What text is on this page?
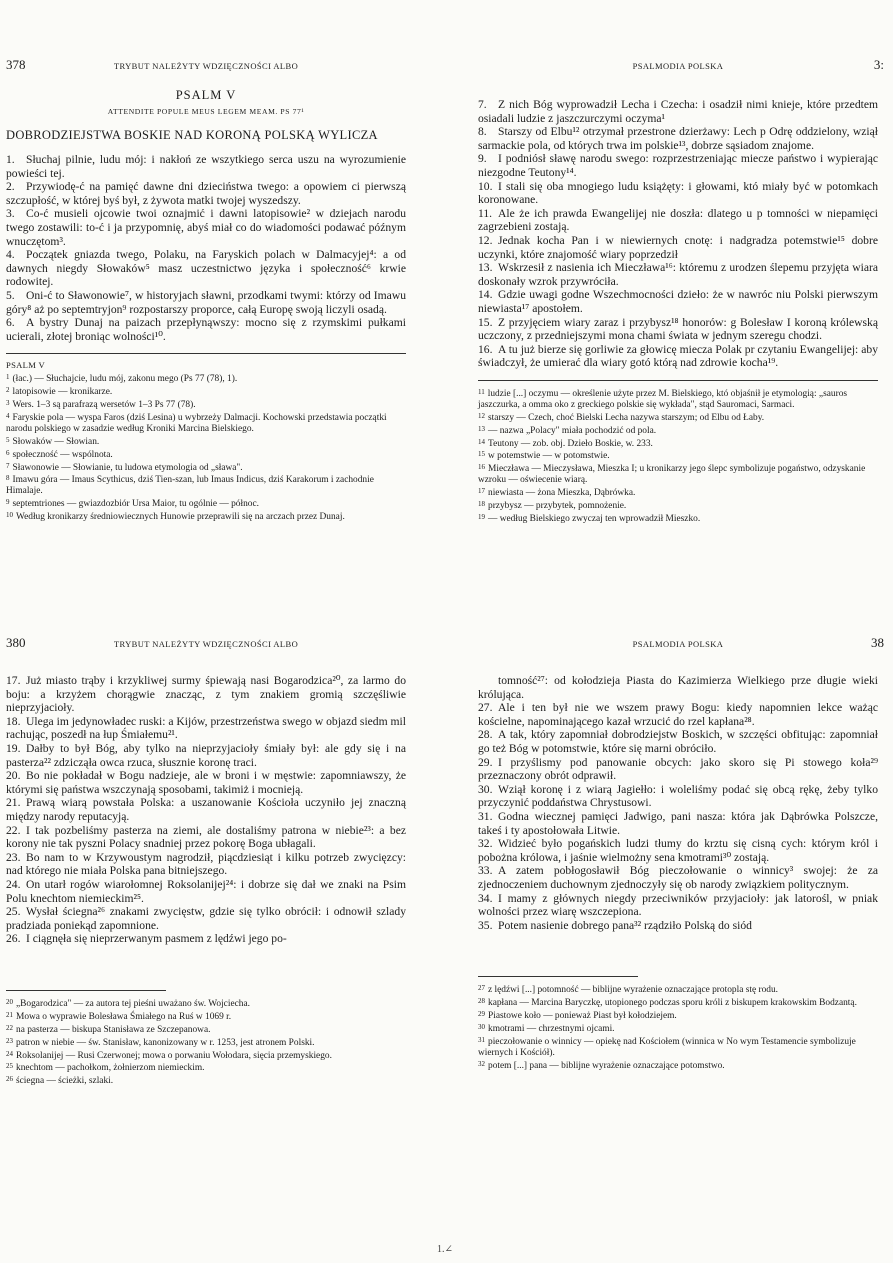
378	TRYBUT NALEŻYTY WDZIĘCZNOŚCI ALBO
PSALM V
ATTENDITE POPULE MEUS LEGEM MEAM. PS 77¹
DOBRODZIEJSTWA BOSKIE NAD KORONĄ POLSKĄ WYLICZA

1. Słuchaj pilnie, ludu mój: i nakłoń ze wszytkiego serca uszu na wyrozumienie powieści tej.

2. Przywiodę-ć na pamięć dawne dni dzieciństwa twego: a opowiem ci pierwszą szczupłość, w której byś był, z żywota matki twojej wyszedszy.

3. Co-ć musieli ojcowie twoi oznajmić i dawni latopisowie² w dziejach narodu twego zostawili: to-ć i ja przypomnię, abyś miał co do wiadomości podawać późnym wnuczętom³.

4. Początek gniazda twego, Polaku, na Faryskich polach w Dalmacyjej⁴: a od dawnych niegdy Słowaków⁵ masz uczestnictwo języka i społeczność⁶ krwie rodowitej.

5. Oni-ć to Sławonowie⁷, w historyjach sławni, przodkami twymi: którzy od Imawu góry⁸ aż po septemtryjon⁹ rozpostarszy proporce, całą Europę swoją liczyli osadą.

6. A bystry Dunaj na paizach przepłynąwszy: mocno się z rzymskimi pułkami ucierali, złotej broniąc wolności¹⁰.

PSALM V

$^1$ (łac.) — Słuchajcie, ludu mój, zakonu mego (Ps 77 (78), 1).

$^2$ latopisowie — kronikarze.

$^3$ Wers. 1–3 są parafrazą wersetów 1–3 Ps 77 (78).

$^4$ Faryskie pola — wyspa Faros (dziś Lesina) u wybrzeży Dalmacji. Kochowski przedstawia początki narodu polskiego w zasadzie według Kroniki Marcina Bielskiego.

$^5$ Słowaków — Słowian.

$^6$ społeczność — wspólnota.

$^7$ Sławonowie — Słowianie, tu ludowa etymologia od „sława".

$^8$ Imawu góra — Imaus Scythicus, dziś Tien-szan, lub Imaus Indicus, dziś Karakorum i zachodnie Himalaje.

$^9$ septemtriones — gwiazdozbiór Ursa Maior, tu ogólnie — północ.

$^{10}$ Według kronikarzy średniowiecznych Hunowie przeprawili się na arczach przez Dunaj.

PSALMODIA POLSKA	3:

7. Z nich Bóg wyprowadził Lecha i Czecha: i osadził nimi knieje, które przedtem osiadali ludzie z jaszczurczymi oczyma¹

8. Starszy od Elbu¹² otrzymał przestrone dzierżawy: Lech p Odrę oddzielony, wziął sarmackie pola, od których trwa im polskie¹³, dobrze sąsiadom znajome.

9. I podniósł sławę narodu swego: rozprzestrzeniając miecze państwo i wypierając niezgodne Teutony¹⁴.

10. I stali się oba mnogiego ludu książęty: i głowami, któ miały być w potomkach koronowane.

11. Ale że ich prawda Ewangelijej nie doszła: dlatego u p tomności w niepamięci zagrzebieni zostają.

12. Jednak kocha Pan i w niewiernych cnotę: i nadgradza potemstwie¹⁵ dobre uczynki, które znajomość wiary poprzedził

13. Wskrzesił z nasienia ich Mieczława¹⁶: któremu z urodzen ślepemu przyjęta wiara doskonały wzrok przywróciła.

14. Gdzie uwagi godne Wszechmocności dzieło: że w nawróc niu Polski pierwszym niewiasta¹⁷ apostołem.

15. Z przyjęciem wiary zaraz i przybysz¹⁸ honorów: g Bolesław I koroną królewską uczczony, z przedniejszymi mona chami świata w jednym szeregu chodzi.

16. A tu już bierze się gorliwie za głowicę miecza Polak pr czytaniu Ewangelijej: aby świadczył, że umierać dla wiary gotó którą nad zdrowie kocha¹⁹.

$^{11}$ ludzie [...] oczymu — określenie użyte przez M. Bielskiego, któ objaśnił je etymologią: „sauros jaszczurka, a omma oko z greckiego polskie się wykłada", stąd Sauromaci, Sarmaci.

$^{12}$ starszy — Czech, choć Bielski Lecha nazywa starszym; od Elbu od Łaby.

$^{13}$ — nazwa „Polacy" miała pochodzić od pola.

$^{14}$ Teutony — zob. obj. Dzieło Boskie, w. 233.

$^{15}$ w potemstwie — w potomstwie.

$^{16}$ Mieczława — Mieczysława, Mieszka I; u kronikarzy jego ślepc symbolizuje pogaństwo, odzyskanie wzroku — oświecenie wiarą.

$^{17}$ niewiasta — żona Mieszka, Dąbrówka.

$^{18}$ przybysz — przybytek, pomnożenie.

$^{19}$ — według Bielskiego zwyczaj ten wprowadził Mieszko.

380	TRYBUT NALEŻYTY WDZIĘCZNOŚCI ALBO

17. Już miasto trąby i krzykliwej surmy śpiewają nasi Bogarodzica²⁰, za larmo do boju: a krzyżem chorągwie znacząc, z tym znakiem gromią szczęśliwie nieprzyjacioły.

18. Ulega im jedynowładec ruski: a Kijów, przestrzeństwa swego w objazd siedm mil rachując, poszedł na łup Śmiałemu²¹.

19. Dałby to był Bóg, aby tylko na nieprzyjacioły śmiały był: ale gdy się i na pasterza²² zdzicząła owca rzuca, słusznie koronę traci.

20. Bo nie pokładał w Bogu nadzieje, ale w broni i w męstwie: zapomniawszy, że którymi się państwa wszczynają sposobami, takimiż i mocnieją.

21. Prawą wiarą powstała Polska: a uszanowanie Kościoła uczyniło jej znaczną między narody reputacyją.

22. I tak pozbeliśmy pasterza na ziemi, ale dostaliśmy patrona w niebie²³: a bez korony nie tak pyszni Polacy snadniej przez pokorę Boga ubłagali.

23. Bo nam to w Krzywoustym nagrodził, piącdziesiąt i kilku potrzeb zwycięzcy: nad którego nie miała Polska pana bitniejszego.

24. On utarł rogów wiarołomnej Roksolanijej²⁴: i dobrze się dał we znaki na Psim Polu knechtom niemieckim²⁵.

25. Wysłał ściegna²⁶ znakami zwycięstw, gdzie się tylko obrócił: i odnowił szlady pradziada poniekąd zapomnione.

26. I ciągnęła się nieprzerwanym pasmem z lędźwi jego po-

$^{20}$ „Bogarodzica" — za autora tej pieśni uważano św. Wojciecha.

$^{21}$ Mowa o wyprawie Bolesława Śmiałego na Ruś w 1069 r.

$^{22}$ na pasterza — biskupa Stanisława ze Szczepanowa.

$^{23}$ patron w niebie — św. Stanisław, kanonizowany w r. 1253, jest atronem Polski.

$^{24}$ Roksolanijej — Rusi Czerwonej; mowa o porwaniu Wołodara, sięcia przemyskiego.

$^{25}$ knechtom — pachołkom, żołnierzom niemieckim.

$^{26}$ ściegna — ścieżki, szlaki.

PSALMODIA POLSKA	38

tomność²⁷: od kołodzieja Piasta do Kazimierza Wielkiego prze długie wieki królująca.

27. Ale i ten był nie we wszem prawy Bogu: kiedy napomnien lekce ważąc kościelne, napominającego kazał wrzucić do rzel kapłana²⁸.

28. A tak, który zapomniał dobrodziejstw Boskich, w szczęści obfitując: zapomniał go też Bóg w potomstwie, które się marni obróciło.

29. I przyślismy pod panowanie obcych: jako skoro się Pi stowego koła²⁹ przeznaczony obrót odprawił.

30. Wziął koronę i z wiarą Jagiełło: i woleliśmy podać się obcą rękę, żeby tylko przyczynić poddaństwa Chrystusowi.

31. Godna wiecznej pamięci Jadwigo, pani nasza: która jak Dąbrówka Polszcze, takeś i ty apostołowała Litwie.

32. Widzieć było pogańskich ludzi tłumy do krztu się cisną cych: którym król i pobożna królowa, i jaśnie wielmożny sena kmotrami³⁰ zostają.

33. A zatem pobłogosławił Bóg pieczołowanie o winnicy³ swojej: że za zjednoczeniem duchownym zjednoczyły się ob narody związkiem politycznym.

34. I mamy z głównych niegdy przeciwników przyjacioły: jak latorośl, w pniak wolności przez wiarę wszczepiona.

35. Potem nasienie dobrego pana³² rządziło Polską do siód

$^{27}$ z lędźwi [...] potomność — biblijne wyrażenie oznaczające protopla stę rodu.

$^{28}$ kapłana — Marcina Baryczkę, utopionego podczas sporu króli z biskupem krakowskim Bodzantą.

$^{29}$ Piastowe koło — ponieważ Piast był kołodziejem.

$^{30}$ kmotrami — chrzestnymi ojcami.

$^{31}$ pieczołowanie o winnicy — opiekę nad Kościołem (winnica w No wym Testamencie symbolizuje wiernych i Kościół).

$^{32}$ potem [...] pana — biblijne wyrażenie oznaczające potomstwo.

1.∠
